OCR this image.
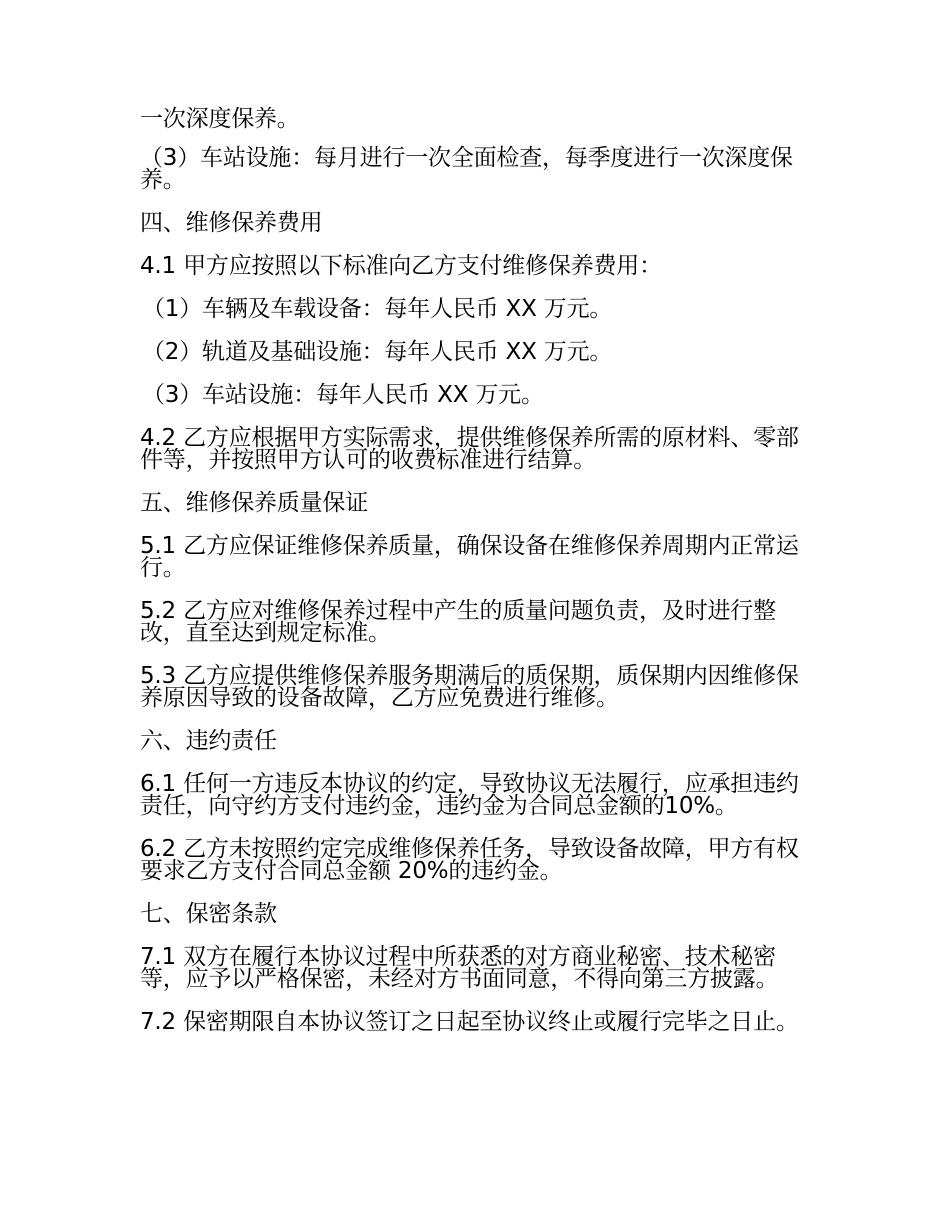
一次深度保养。

（3）车站设施：每月进行一次全面检查，每季度进行一次深度保养。

四、维修保养费用

4.1 甲方应按照以下标准向乙方支付维修保养费用：

（1）车辆及车载设备：每年人民币 XX 万元。

（2）轨道及基础设施：每年人民币 XX 万元。

（3）车站设施：每年人民币 XX 万元。

4.2 乙方应根据甲方实际需求，提供维修保养所需的原材料、零部件等，并按照甲方认可的收费标准进行结算。

五、维修保养质量保证

5.1 乙方应保证维修保养质量，确保设备在维修保养周期内正常运行。

5.2 乙方应对维修保养过程中产生的质量问题负责，及时进行整改，直至达到规定标准。

5.3 乙方应提供维修保养服务期满后的质保期，质保期内因维修保养原因导致的设备故障，乙方应免费进行维修。

六、违约责任

6.1 任何一方违反本协议的约定，导致协议无法履行，应承担违约责任，向守约方支付违约金，违约金为合同总金额的10%。

6.2 乙方未按照约定完成维修保养任务，导致设备故障，甲方有权要求乙方支付合同总金额 20%的违约金。

七、保密条款

7.1 双方在履行本协议过程中所获悉的对方商业秘密、技术秘密等，应予以严格保密，未经对方书面同意，不得向第三方披露。

7.2 保密期限自本协议签订之日起至协议终止或履行完毕之日止。
